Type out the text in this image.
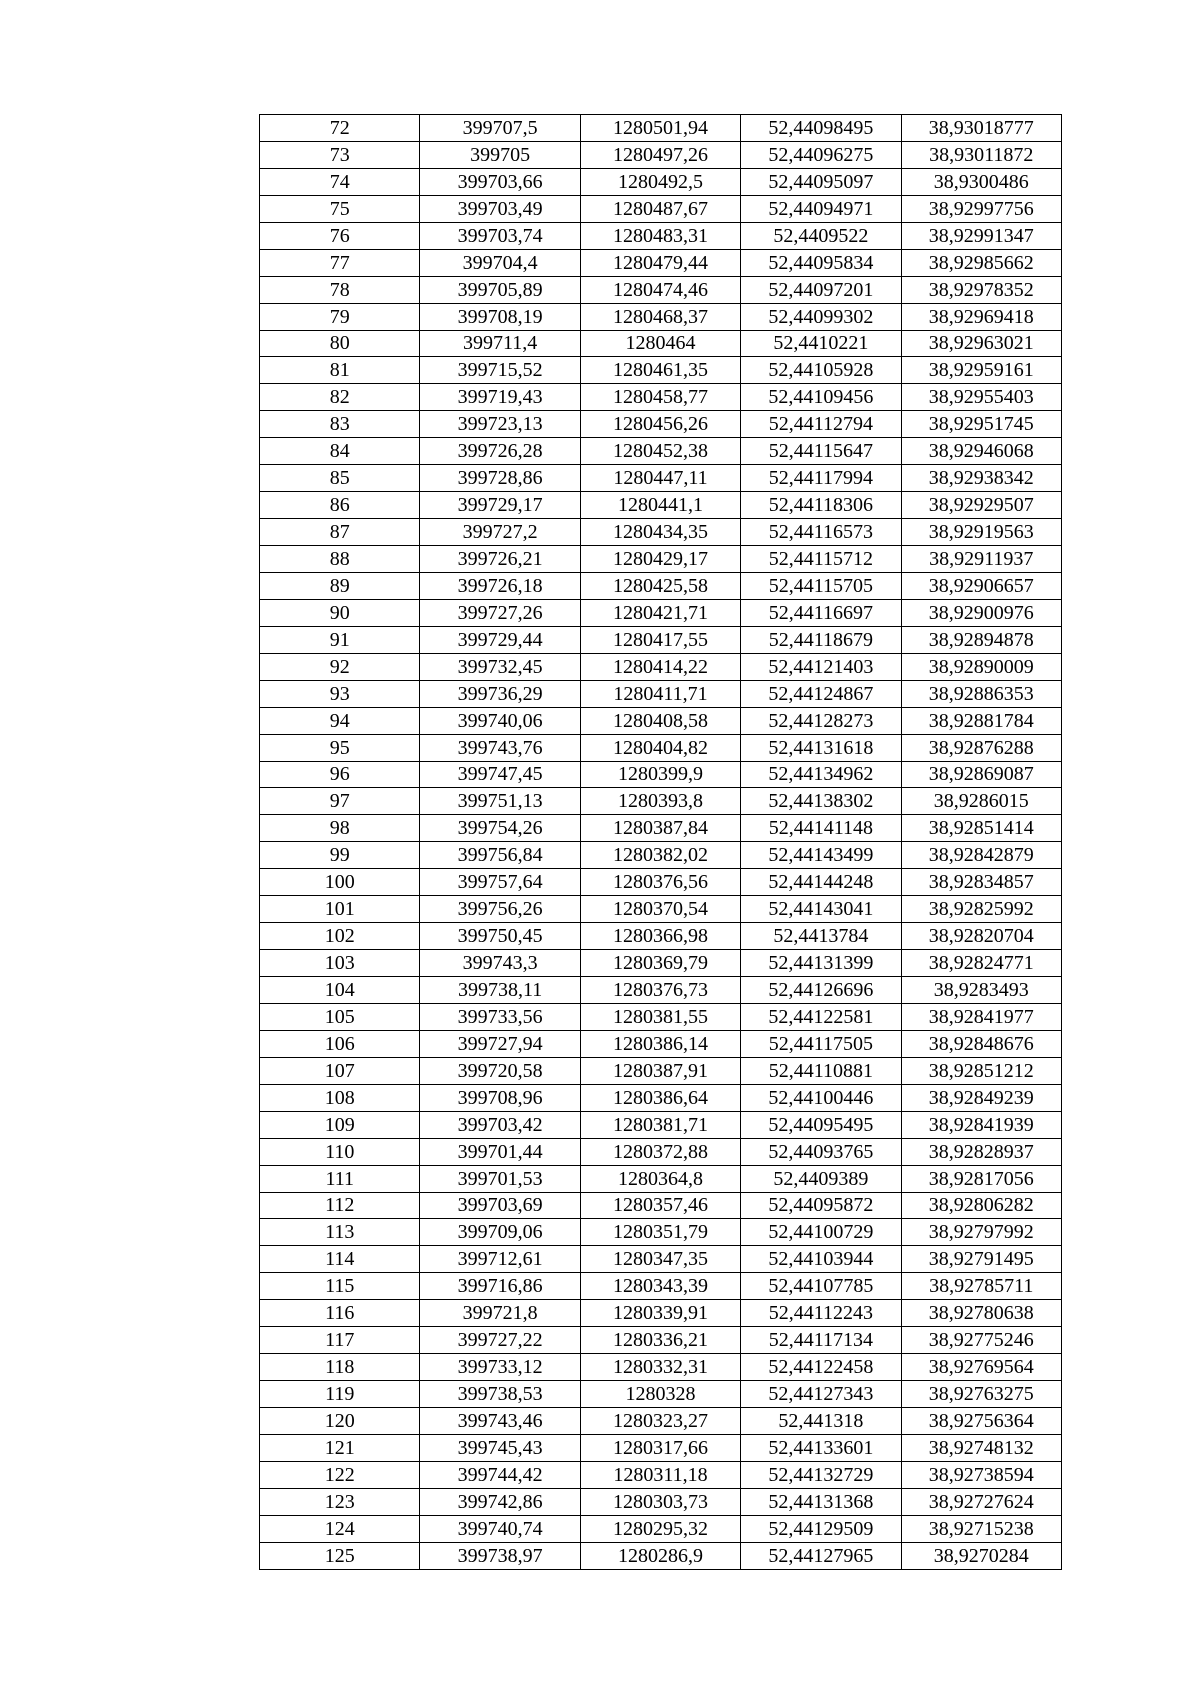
72	399707,5	1280501,94	52,44098495	38,93018777
73	399705	1280497,26	52,44096275	38,93011872
74	399703,66	1280492,5	52,44095097	38,9300486
75	399703,49	1280487,67	52,44094971	38,92997756
76	399703,74	1280483,31	52,4409522	38,92991347
77	399704,4	1280479,44	52,44095834	38,92985662
78	399705,89	1280474,46	52,44097201	38,92978352
79	399708,19	1280468,37	52,44099302	38,92969418
80	399711,4	1280464	52,4410221	38,92963021
81	399715,52	1280461,35	52,44105928	38,92959161
82	399719,43	1280458,77	52,44109456	38,92955403
83	399723,13	1280456,26	52,44112794	38,92951745
84	399726,28	1280452,38	52,44115647	38,92946068
85	399728,86	1280447,11	52,44117994	38,92938342
86	399729,17	1280441,1	52,44118306	38,92929507
87	399727,2	1280434,35	52,44116573	38,92919563
88	399726,21	1280429,17	52,44115712	38,92911937
89	399726,18	1280425,58	52,44115705	38,92906657
90	399727,26	1280421,71	52,44116697	38,92900976
91	399729,44	1280417,55	52,44118679	38,92894878
92	399732,45	1280414,22	52,44121403	38,92890009
93	399736,29	1280411,71	52,44124867	38,92886353
94	399740,06	1280408,58	52,44128273	38,92881784
95	399743,76	1280404,82	52,44131618	38,92876288
96	399747,45	1280399,9	52,44134962	38,92869087
97	399751,13	1280393,8	52,44138302	38,9286015
98	399754,26	1280387,84	52,44141148	38,92851414
99	399756,84	1280382,02	52,44143499	38,92842879
100	399757,64	1280376,56	52,44144248	38,92834857
101	399756,26	1280370,54	52,44143041	38,92825992
102	399750,45	1280366,98	52,4413784	38,92820704
103	399743,3	1280369,79	52,44131399	38,92824771
104	399738,11	1280376,73	52,44126696	38,9283493
105	399733,56	1280381,55	52,44122581	38,92841977
106	399727,94	1280386,14	52,44117505	38,92848676
107	399720,58	1280387,91	52,44110881	38,92851212
108	399708,96	1280386,64	52,44100446	38,92849239
109	399703,42	1280381,71	52,44095495	38,92841939
110	399701,44	1280372,88	52,44093765	38,92828937
111	399701,53	1280364,8	52,4409389	38,92817056
112	399703,69	1280357,46	52,44095872	38,92806282
113	399709,06	1280351,79	52,44100729	38,92797992
114	399712,61	1280347,35	52,44103944	38,92791495
115	399716,86	1280343,39	52,44107785	38,92785711
116	399721,8	1280339,91	52,44112243	38,92780638
117	399727,22	1280336,21	52,44117134	38,92775246
118	399733,12	1280332,31	52,44122458	38,92769564
119	399738,53	1280328	52,44127343	38,92763275
120	399743,46	1280323,27	52,441318	38,92756364
121	399745,43	1280317,66	52,44133601	38,92748132
122	399744,42	1280311,18	52,44132729	38,92738594
123	399742,86	1280303,73	52,44131368	38,92727624
124	399740,74	1280295,32	52,44129509	38,92715238
125	399738,97	1280286,9	52,44127965	38,9270284
